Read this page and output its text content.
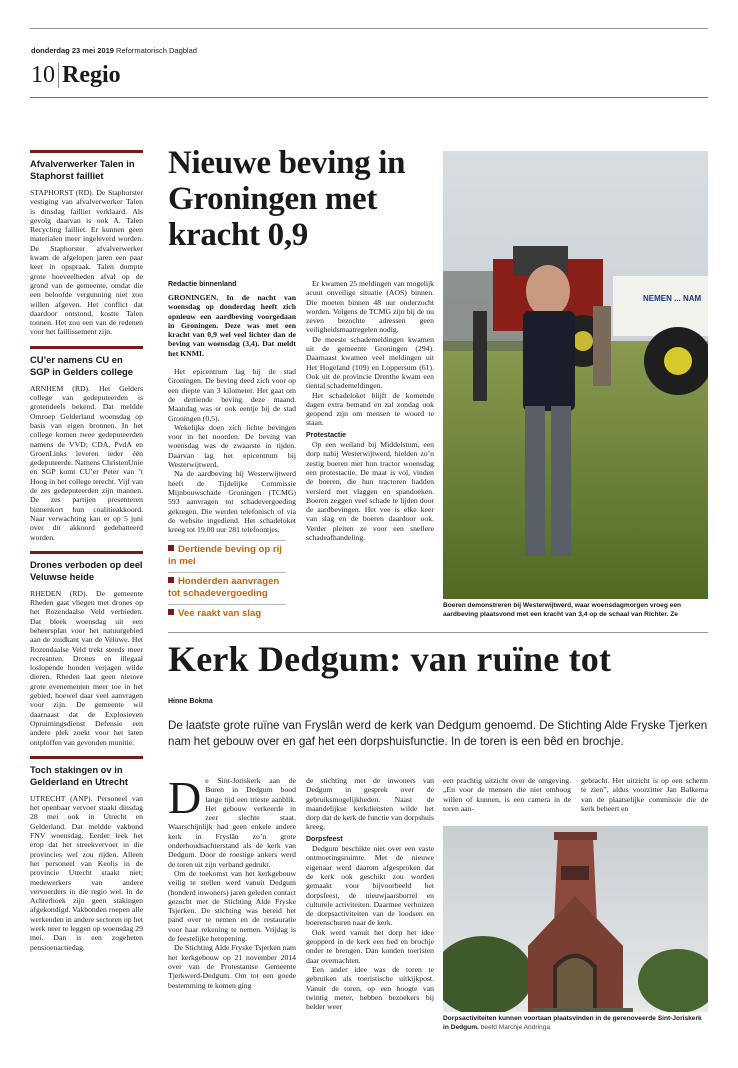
donderdag 23 mei 2019 Reformatorisch Dagblad
10 Regio
Afvalverwerker Talen in Staphorst failliet

STAPHORST (RD). De Staphorster vestiging van afvalverwerker Talen is dinsdag failliet verklaard. Als gevolg daarvan is ook A. Talen Recycling failliet. Er kunnen geen materialen meer ingeleverd worden. De Staphorster afvalverwerker kwam de afgelopen jaren een paar keer in opspraak. Talen dumpte grote hoeveelheden afval op de grond van de gemeente, omdat die een beloofde vergunning niet zou willen afgeven. Het conflict dat daardoor ontstond, kostte Talen tonnen. Het zou een van de redenen voor het faillissement zijn.

CU’er namens CU en SGP in Gelders college

ARNHEM (RD). Het Gelders college van gedeputeerden is grotendeels bekend. Dat meldde Omroep Gelderland woensdag op basis van eigen bronnen. In het college komen twee gedeputeerden namens de VVD; CDA, PvdA en GroenLinks leveren ieder één gedeputeerde. Namens ChristenUnie en SGP komt CU’er Peter van ’t Hoog in het college terecht. Vijf van de zes gedeputeerden zijn mannen. De zes partijen presenteren binnenkort hun coalitieakkoord. Naar verwachting kan er op 5 juni over dit akkoord gedebatteerd worden.

Drones verboden op deel Veluwse heide

RHEDEN (RD). De gemeente Rheden gaat vliegen met drones op het Rozendaalse Veld verbieden. Dat bleek woensdag uit een beheersplan voor het natuurgebied aan de zuidkant van de Veluwe. Het Rozendaalse Veld trekt steeds meer recreanten. Drones en illegaal loslopende honden verjagen wilde dieren. Rheden laat geen nieuwe grote evenementen meer toe in het gebied, hoewel daar veel aanvragen voor zijn. De gemeente wil daarnaast dat de Explosieven Opruimingsdienst Defensie een andere plek zoekt voor het laten ontploffen van gevonden munitie.

Toch stakingen ov in Gelderland en Utrecht

UTRECHT (ANP). Personeel van het openbaar vervoer staakt dinsdag 28 mei ook in Utrecht en Gelderland. Dat meldde vakbond FNV woensdag. Eerder leek het erop dat het streekvervoer in die provincies wel zou rijden. Alleen het personeel van Keolis in de provincie Utrecht staakt niet; medewerkers van andere vervoerders in die regio wel. In de Achterhoek zijn geen stakingen afgekondigd. Vakbonden roepen alle werkenden in andere sectoren op het werk neer te leggen op woensdag 29 mei. Dan is een zogeheten pensioenactiedag.

Nieuwe beving in Groningen met kracht 0,9
Redactie binnenland

GRONINGEN. In de nacht van woensdag op donderdag heeft zich opnieuw een aardbeving voorgedaan in Groningen. Deze was met een kracht van 0,9 wel veel lichter dan de beving van woensdag (3,4). Dat meldt het KNMI.

Het epicentrum lag bij de stad Groningen. De beving deed zich voor op een diepte van 3 kilometer. Het gaat om de dertiende beving deze maand. Maandag was er ook eentje bij de stad Groningen (0,5).

Wekelijks doen zich lichte bevingen voor in het noorden. De beving van woensdag was de zwaarste in tijden. Daarvan lag het epicentrum bij Westerwijtwerd.

Na de aardbeving bij Westerwijtwerd heeft de Tijdelijke Commissie Mijnbouwschade Groningen (TCMG) 593 aanvragen tot schadevergoeding gekregen. Die werden telefonisch of via de website ingediend. Het schadeloket kreeg tot 19.00 uur 281 telefoontjes.

Er kwamen 25 meldingen van mogelijk acuut onveilige situatie (AOS) binnen. Die moeten binnen 48 uur onderzocht worden. Volgens de TCMG zijn bij de nu zeven bezochte adressen geen veiligheidsmaatregelen nodig.

De meeste schademeldingen kwamen uit de gemeente Groningen (294). Daarnaast kwamen veel meldingen uit Het Hogeland (109) en Loppersum (61). Ook uit de provincie Drenthe kwam een tiental schademeldingen.

Het schadeloket blijft de komende dagen extra bemand en zal zondag ook geopend zijn om mensen te woord te staan.

Protestactie

Op een weiland bij Middelstum, een dorp nabij Westerwijtwerd, hielden zo’n zestig boeren met hun tractor woensdag een protestactie. De maat is vol, vinden de boeren, die hun tractoren hadden versierd met vlaggen en spandoeken. Boeren zeggen veel schade te lijden door de aardbevingen. Het vee is elke keer van slag en de boeren daardoor ook. Verder pleiten ze voor een snellere schadeafhandeling.

Dertiende beving op rij in mei
Honderden aanvragen tot schadevergoeding
Vee raakt van slag
NEMEN ... NAM
Boeren demonstreren bij Westerwijtwerd, waar woensdagmorgen vroeg een aardbeving plaatsvond met een kracht van 3,4 op de schaal van Richter. Ze
Kerk Dedgum: van ruïne tot
Hinne Bokma

De laatste grote ruïne van Fryslân werd de kerk van Dedgum genoemd. De Stichting Alde Fryske Tjerken nam het gebouw over en gaf het een dorpshuisfunctie. In de toren is een bêd en brochje.

De Sint-Joriskerk aan de Buren in Dedgum bood lange tijd een trieste aanblik. Het gebouw verkeerde in zeer slechte staat. Waarschijnlijk had geen enkele andere kerk in Fryslân zo’n grote onderhoudsachterstand als de kerk van Dedgum. Door de roestige ankers werd de toren uit zijn verband gedrukt.

Om de toekomst van het kerkgebouw veilig te stellen werd vanuit Dedgum (honderd inwoners) jaren geleden contact gezocht met de Stichting Alde Fryske Tsjerken. De stichting was bereid het pand over te nemen en de restauratie voor haar rekening te nemen. Vrijdag is de feestelijke heropening.

De Stichting Alde Fryske Tsjerken nam het kerkgebouw op 21 november 2014 over van de Protestantse Gemeente Tjerkwerd-Dedgum. Om tot een goede bestemming te komen ging

de stichting met de inwoners van Dedgum in gesprek over de gebruiksmogelijkheden. Naast de maandelijkse kerkdiensten wilde het dorp dat de kerk de functie van dorpshuis kreeg.

Dorpsfeest

Dedgum beschikte niet over een vaste ontmoetingsruimte. Met de nieuwe eigenaar werd daarom afgesproken dat de kerk ook geschikt zou worden gemaakt voor bijvoorbeeld het dorpsfeest, de nieuwjaarsborrel en culturele activiteiten. Daarmee verhuizen de dorpsactiviteiten van de loodsen en boerenschuren naar de kerk.

Ook werd vanuit het dorp het idee geopperd in de kerk een bed en brochje onder te brengen. Dan konden toeristen daar overnachten.

Een ander idee was de toren te gebruiken als toeristische uitkijkpost. Vanuit de toren, op een hoogte van twintig meter, hebben bezoekers bij helder weer

een prachtig uitzicht over de omgeving. „En voor de mensen die niet omhoog willen of kunnen, is een camera in de toren aan-

gebracht. Het uitzicht is op een scherm te zien”, aldus voorzitter Jan Balkema van de plaatselijke commissie die de kerk beheert en

Dorpsactiviteiten kunnen voortaan plaatsvinden in de gerenoveerde Sint-Joriskerk in Dedgum. beeld Marchje Andringa
